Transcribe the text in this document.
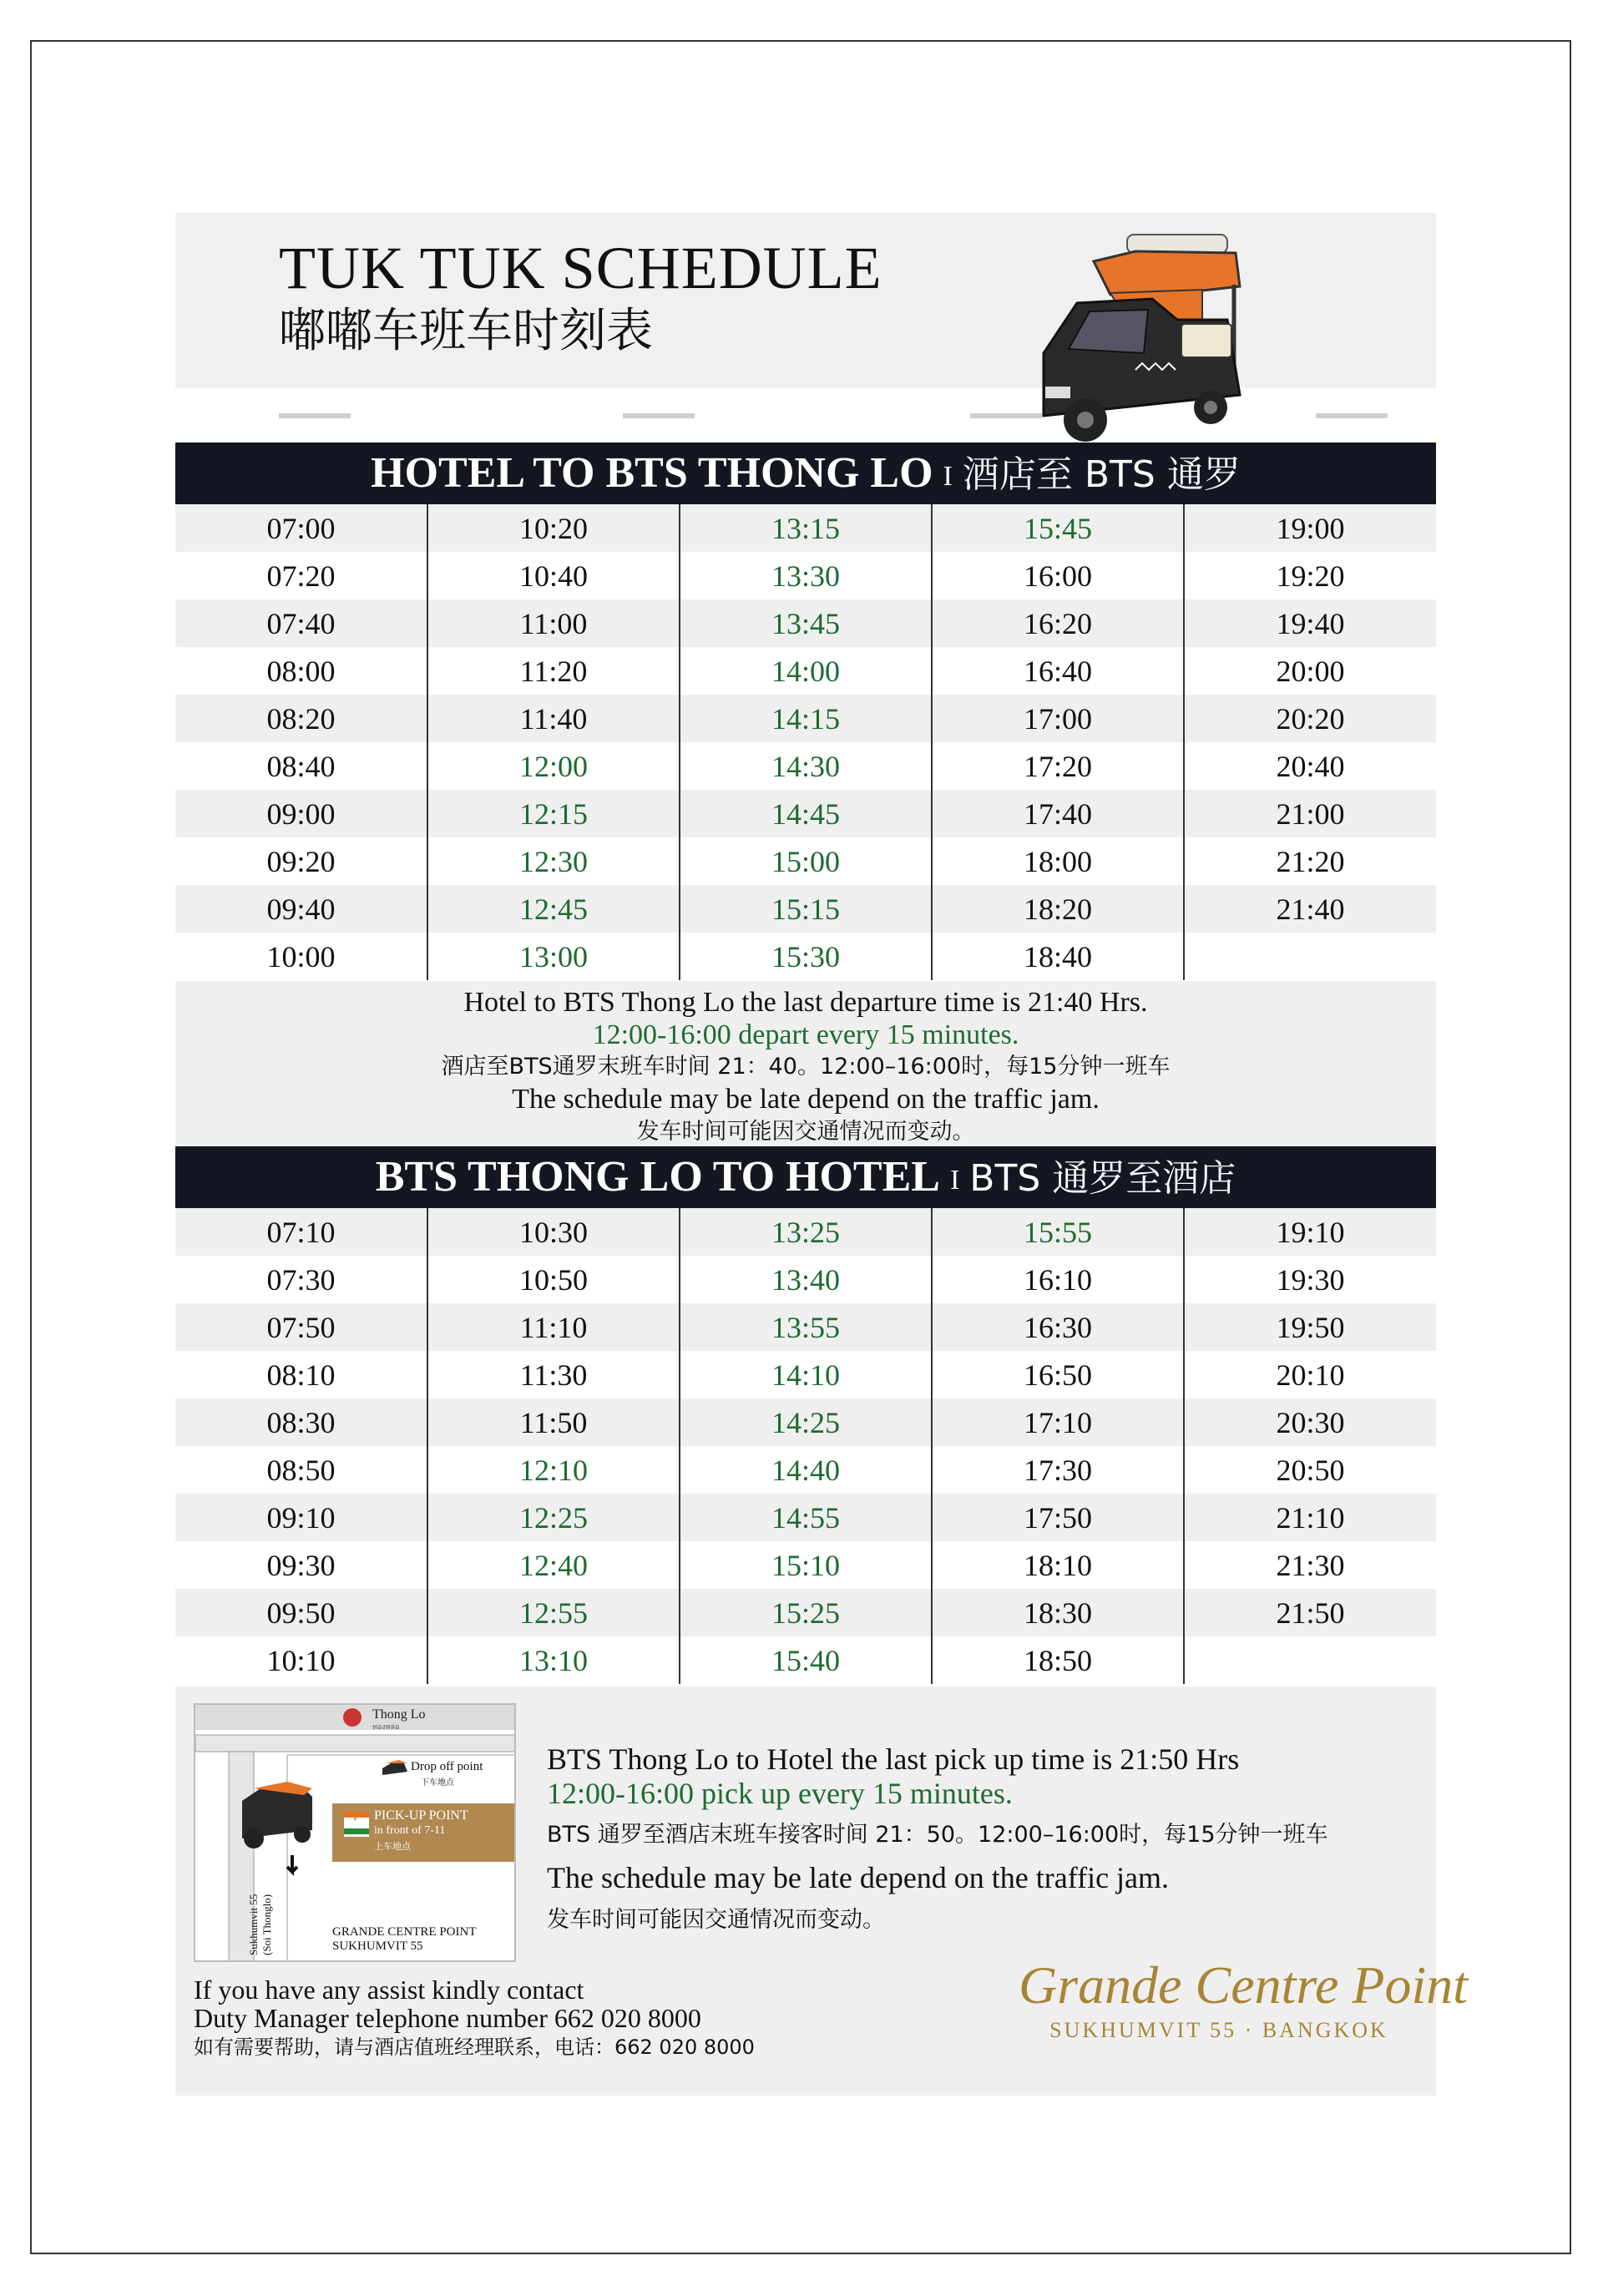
TUK TUK SCHEDULE
嘟嘟车班车时刻表
HOTEL TO BTS THONG LO I 酒店至 BTS 通罗
07:00	10:20	13:15	15:45	19:00
07:20	10:40	13:30	16:00	19:20
07:40	11:00	13:45	16:20	19:40
08:00	11:20	14:00	16:40	20:00
08:20	11:40	14:15	17:00	20:20
08:40	12:00	14:30	17:20	20:40
09:00	12:15	14:45	17:40	21:00
09:20	12:30	15:00	18:00	21:20
09:40	12:45	15:15	18:20	21:40
10:00	13:00	15:30	18:40	
Hotel to BTS Thong Lo the last departure time is 21:40 Hrs.
12:00-16:00 depart every 15 minutes.
酒店至BTS通罗末班车时间 21：40。12:00–16:00时，每15分钟一班车
The schedule may be late depend on the traffic jam.
发车时间可能因交通情况而变动。
BTS THONG LO TO HOTEL I BTS 通罗至酒店
07:10	10:30	13:25	15:55	19:10
07:30	10:50	13:40	16:10	19:30
07:50	11:10	13:55	16:30	19:50
08:10	11:30	14:10	16:50	20:10
08:30	11:50	14:25	17:10	20:30
08:50	12:10	14:40	17:30	20:50
09:10	12:25	14:55	17:50	21:10
09:30	12:40	15:10	18:10	21:30
09:50	12:55	15:25	18:30	21:50
10:10	13:10	15:40	18:50	
Thong Lo
ทองหล่อ
Drop off point
下车地点
7 PICK-UP POINT
in front of 7-11
上车地点
Sukhumvit 55 (Soi Thonglo)	GRANDE CENTRE POINT
SUKHUMVIT 55
BTS Thong Lo to Hotel the last pick up time is 21:50 Hrs
12:00-16:00 pick up every 15 minutes.
BTS 通罗至酒店末班车接客时间 21：50。12:00–16:00时，每15分钟一班车
The schedule may be late depend on the traffic jam.
发车时间可能因交通情况而变动。
If you have any assist kindly contact
Duty Manager telephone number 662 020 8000
如有需要帮助，请与酒店值班经理联系，电话：662 020 8000
Grande Centre Point
SUKHUMVIT 55 · BANGKOK
